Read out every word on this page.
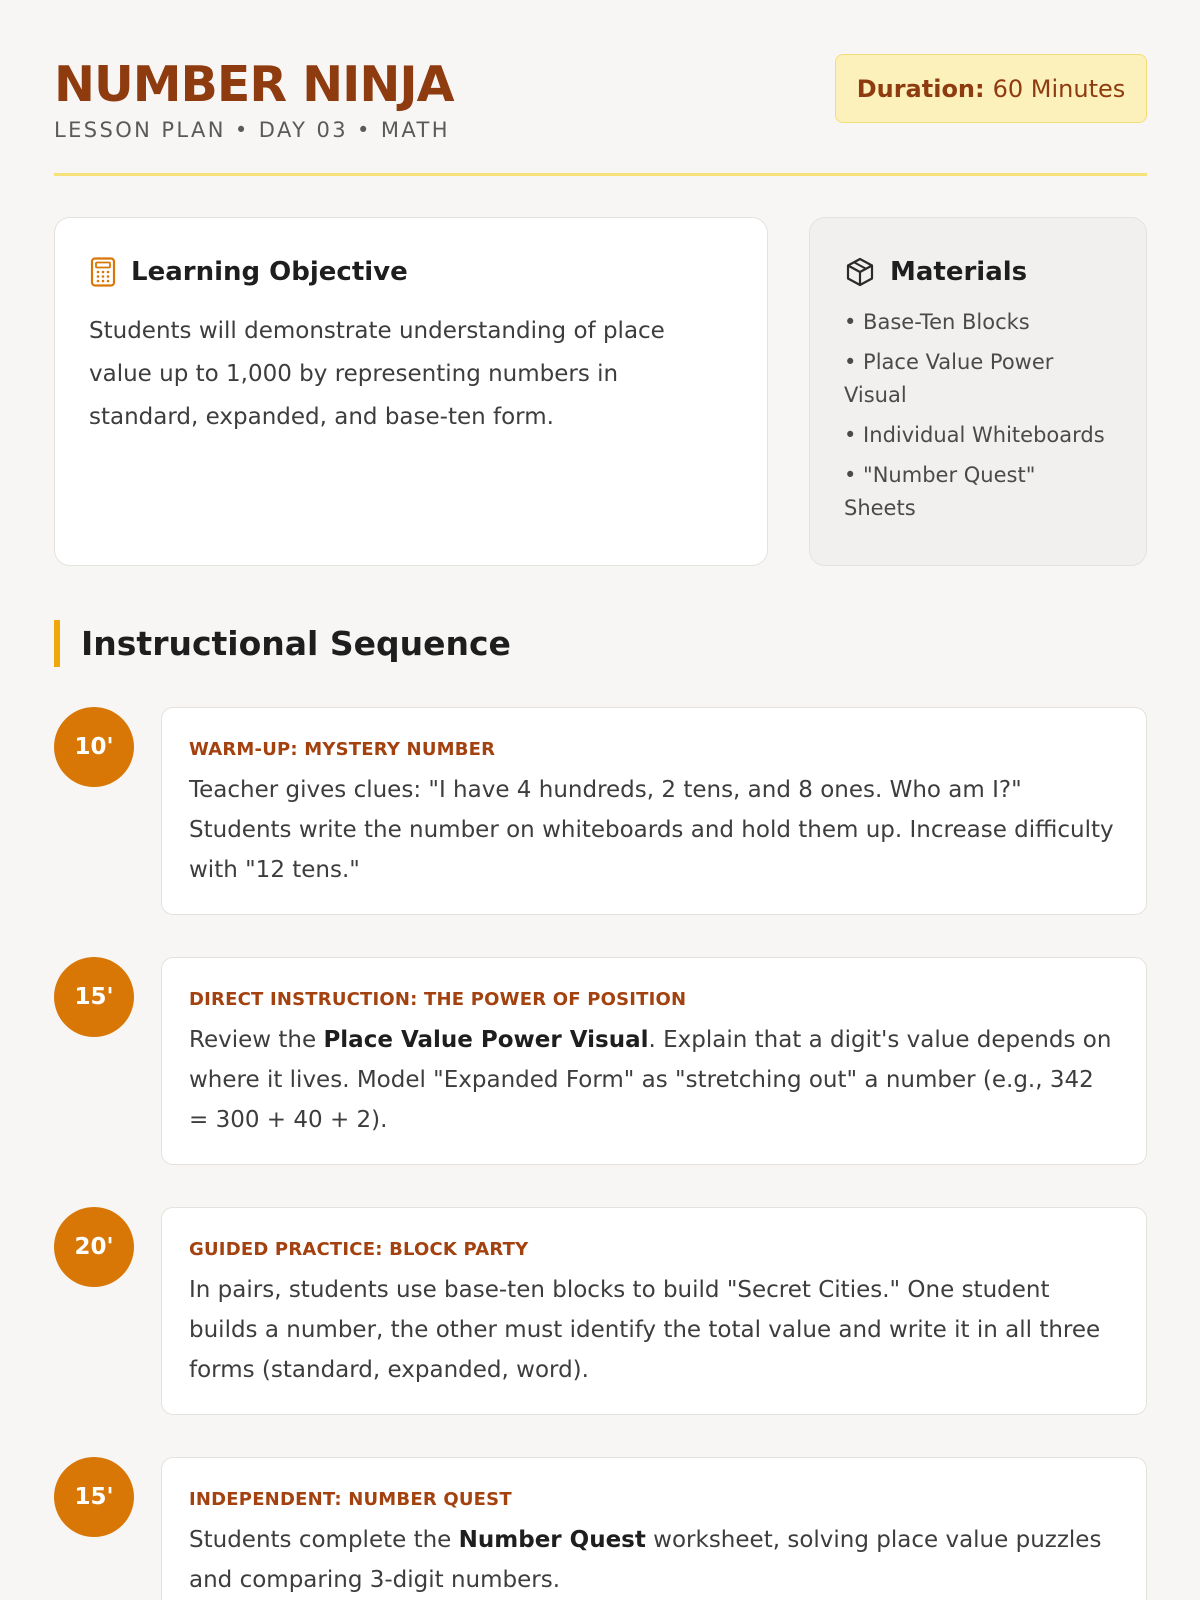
NUMBER NINJA
LESSON PLAN • DAY 03 • MATH
Duration: 60 Minutes
Learning Objective

Students will demonstrate understanding of place value up to 1,000 by representing numbers in standard, expanded, and base-ten form.

Materials
• Base-Ten Blocks
• Place Value Power Visual
• Individual Whiteboards
• "Number Quest" Sheets
Instructional Sequence
10'	WARM-UP: MYSTERY NUMBER

Teacher gives clues: "I have 4 hundreds, 2 tens, and 8 ones. Who am I?" Students write the number on whiteboards and hold them up. Increase difficulty with "12 tens."

15'	DIRECT INSTRUCTION: THE POWER OF POSITION

Review the Place Value Power Visual. Explain that a digit's value depends on where it lives. Model "Expanded Form" as "stretching out" a number (e.g., 342 = 300 + 40 + 2).

20'	GUIDED PRACTICE: BLOCK PARTY

In pairs, students use base-ten blocks to build "Secret Cities." One student builds a number, the other must identify the total value and write it in all three forms (standard, expanded, word).

15'	INDEPENDENT: NUMBER QUEST

Students complete the Number Quest worksheet, solving place value puzzles and comparing 3-digit numbers.
